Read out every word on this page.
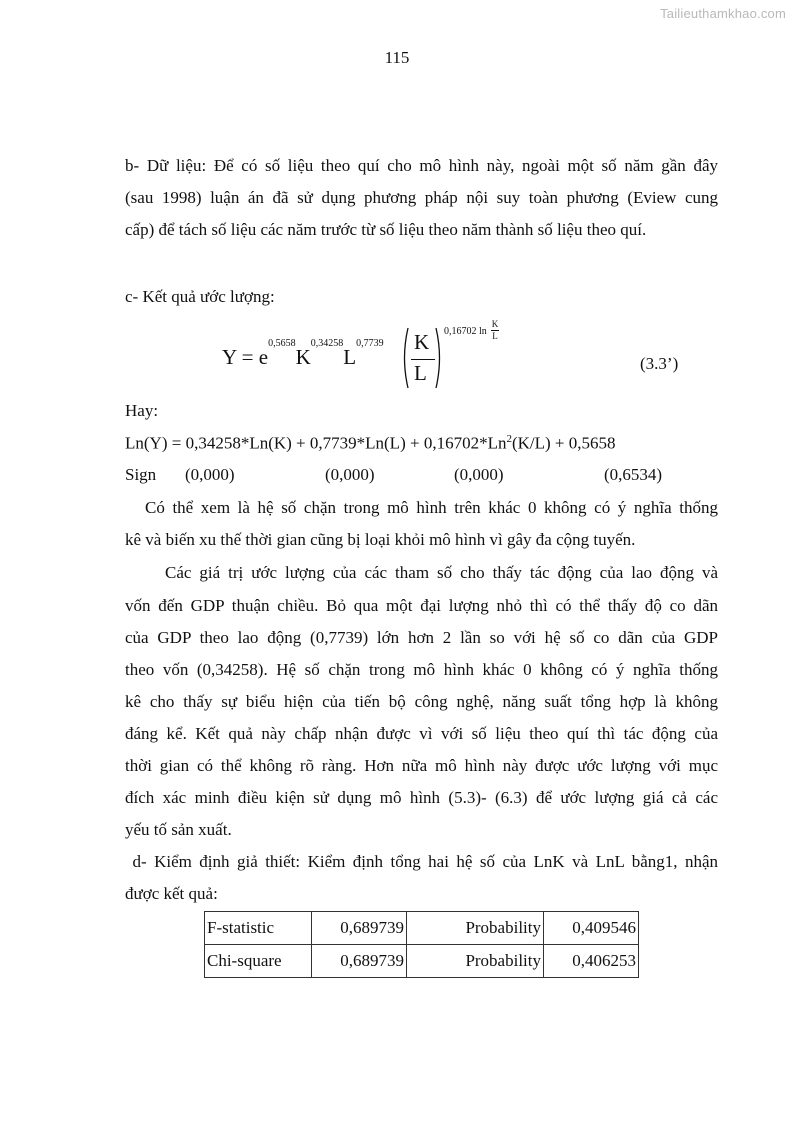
Tailieuthamkhao.com
115
b- Dữ liệu: Để có số liệu theo quí cho mô hình này, ngoài một số năm gần đây
(sau 1998) luận án đã sử dụng phương pháp nội suy toàn phương (Eview cung
cấp) để tách số liệu các năm trước từ số liệu theo năm thành số liệu theo quí.
c- Kết quả ước lượng:
$Y = e^{0,5658}K^{0,34258}L^{0,7739}$ K
L
0,16702 ln
K
L
(3.3’)
Hay:
$Ln(Y) = 0,34258*Ln(K) + 0,7739*Ln(L) + 0,16702*Ln^2(K/L) + 0,5658$
Sign (0,000)	(0,000)	(0,000)	(0,6534)
Có thể xem là hệ số chặn trong mô hình trên khác 0 không có ý nghĩa thống
kê và biến xu thế thời gian cũng bị loại khỏi mô hình vì gây đa cộng tuyến.
Các giá trị ước lượng của các tham số cho thấy tác động của lao động và
vốn đến GDP thuận chiều. Bỏ qua một đại lượng nhỏ thì có thể thấy độ co dãn
của GDP theo lao động (0,7739) lớn hơn 2 lần so với hệ số co dãn của GDP
theo vốn (0,34258). Hệ số chặn trong mô hình khác 0 không có ý nghĩa thống
kê cho thấy sự biểu hiện của tiến bộ công nghệ, năng suất tổng hợp là không
đáng kể. Kết quả này chấp nhận được vì với số liệu theo quí thì tác động của
thời gian có thể không rõ ràng. Hơn nữa mô hình này được ước lượng với mục
đích xác minh điều kiện sử dụng mô hình (5.3)- (6.3) để ước lượng giá cả các
yếu tố sản xuất.
d- Kiểm định giả thiết: Kiểm định tổng hai hệ số của LnK và LnL bằng1, nhận
được kết quả:
F-statistic	0,689739	Probability	0,409546
Chi-square	0,689739	Probability	0,406253
